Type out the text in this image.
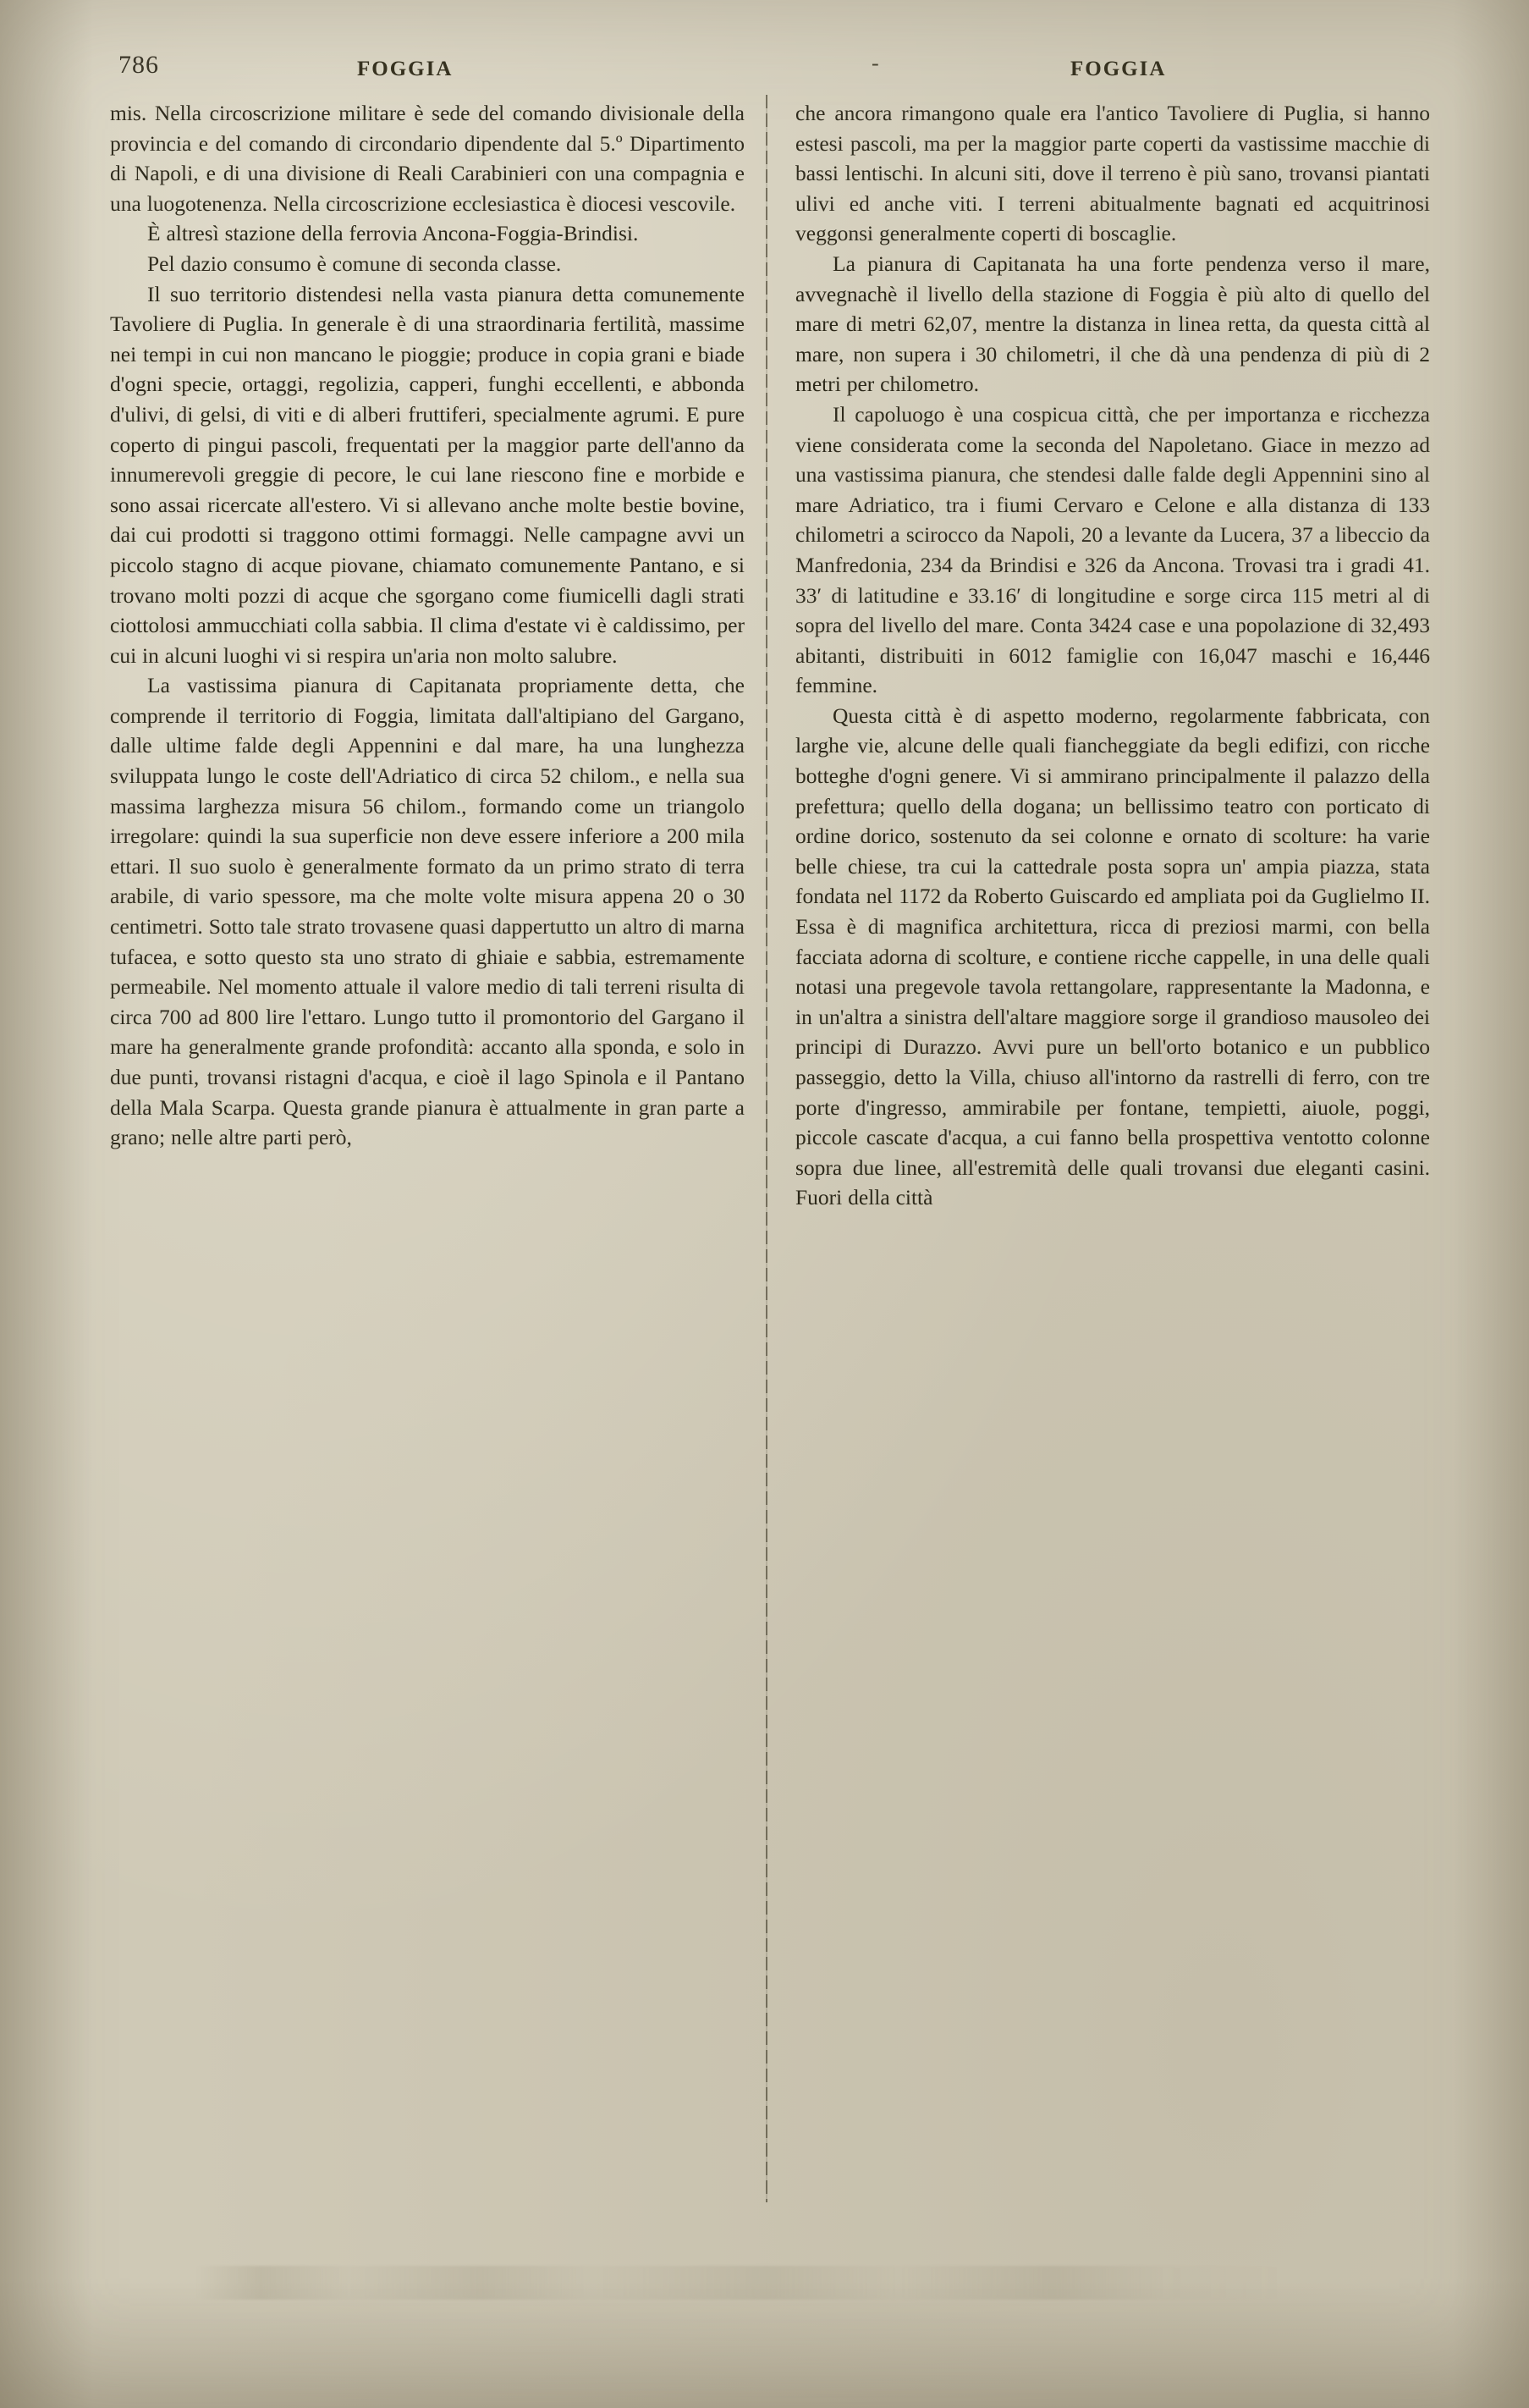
786	FOGGIA	-	FOGGIA

mis. Nella circoscrizione militare è sede del comando divisionale della provincia e del comando di circondario dipendente dal 5.º Dipartimento di Napoli, e di una divisione di Reali Carabinieri con una compagnia e una luogotenenza. Nella circoscrizione ecclesiastica è diocesi vescovile.

È altresì stazione della ferrovia Ancona-Foggia-Brindisi.

Pel dazio consumo è comune di seconda classe.

Il suo territorio distendesi nella vasta pianura detta comunemente Tavoliere di Puglia. In generale è di una straordinaria fertilità, massime nei tempi in cui non mancano le pioggie; produce in copia grani e biade d'ogni specie, ortaggi, regolizia, capperi, funghi eccellenti, e abbonda d'ulivi, di gelsi, di viti e di alberi fruttiferi, specialmente agrumi. E pure coperto di pingui pascoli, frequentati per la maggior parte dell'anno da innumerevoli greggie di pecore, le cui lane riescono fine e morbide e sono assai ricercate all'estero. Vi si allevano anche molte bestie bovine, dai cui prodotti si traggono ottimi formaggi. Nelle campagne avvi un piccolo stagno di acque piovane, chiamato comunemente Pantano, e si trovano molti pozzi di acque che sgorgano come fiumicelli dagli strati ciottolosi ammucchiati colla sabbia. Il clima d'estate vi è caldissimo, per cui in alcuni luoghi vi si respira un'aria non molto salubre.

La vastissima pianura di Capitanata propriamente detta, che comprende il territorio di Foggia, limitata dall'altipiano del Gargano, dalle ultime falde degli Appennini e dal mare, ha una lunghezza sviluppata lungo le coste dell'Adriatico di circa 52 chilom., e nella sua massima larghezza misura 56 chilom., formando come un triangolo irregolare: quindi la sua superficie non deve essere inferiore a 200 mila ettari. Il suo suolo è generalmente formato da un primo strato di terra arabile, di vario spessore, ma che molte volte misura appena 20 o 30 centimetri. Sotto tale strato trovasene quasi dappertutto un altro di marna tufacea, e sotto questo sta uno strato di ghiaie e sabbia, estremamente permeabile. Nel momento attuale il valore medio di tali terreni risulta di circa 700 ad 800 lire l'ettaro. Lungo tutto il promontorio del Gargano il mare ha generalmente grande profondità: accanto alla sponda, e solo in due punti, trovansi ristagni d'acqua, e cioè il lago Spinola e il Pantano della Mala Scarpa. Questa grande pianura è attualmente in gran parte a grano; nelle altre parti però,

che ancora rimangono quale era l'antico Tavoliere di Puglia, si hanno estesi pascoli, ma per la maggior parte coperti da vastissime macchie di bassi lentischi. In alcuni siti, dove il terreno è più sano, trovansi piantati ulivi ed anche viti. I terreni abitualmente bagnati ed acquitrinosi veggonsi generalmente coperti di boscaglie.

La pianura di Capitanata ha una forte pendenza verso il mare, avvegnachè il livello della stazione di Foggia è più alto di quello del mare di metri 62,07, mentre la distanza in linea retta, da questa città al mare, non supera i 30 chilometri, il che dà una pendenza di più di 2 metri per chilometro.

Il capoluogo è una cospicua città, che per importanza e ricchezza viene considerata come la seconda del Napoletano. Giace in mezzo ad una vastissima pianura, che stendesi dalle falde degli Appennini sino al mare Adriatico, tra i fiumi Cervaro e Celone e alla distanza di 133 chilometri a scirocco da Napoli, 20 a levante da Lucera, 37 a libeccio da Manfredonia, 234 da Brindisi e 326 da Ancona. Trovasi tra i gradi 41. 33′ di latitudine e 33.16′ di longitudine e sorge circa 115 metri al di sopra del livello del mare. Conta 3424 case e una popolazione di 32,493 abitanti, distribuiti in 6012 famiglie con 16,047 maschi e 16,446 femmine.

Questa città è di aspetto moderno, regolarmente fabbricata, con larghe vie, alcune delle quali fiancheggiate da begli edifizi, con ricche botteghe d'ogni genere. Vi si ammirano principalmente il palazzo della prefettura; quello della dogana; un bellissimo teatro con porticato di ordine dorico, sostenuto da sei colonne e ornato di scolture: ha varie belle chiese, tra cui la cattedrale posta sopra un' ampia piazza, stata fondata nel 1172 da Roberto Guiscardo ed ampliata poi da Guglielmo II. Essa è di magnifica architettura, ricca di preziosi marmi, con bella facciata adorna di scolture, e contiene ricche cappelle, in una delle quali notasi una pregevole tavola rettangolare, rappresentante la Madonna, e in un'altra a sinistra dell'altare maggiore sorge il grandioso mausoleo dei principi di Durazzo. Avvi pure un bell'orto botanico e un pubblico passeggio, detto la Villa, chiuso all'intorno da rastrelli di ferro, con tre porte d'ingresso, ammirabile per fontane, tempietti, aiuole, poggi, piccole cascate d'acqua, a cui fanno bella prospettiva ventotto colonne sopra due linee, all'estremità delle quali trovansi due eleganti casini. Fuori della città
